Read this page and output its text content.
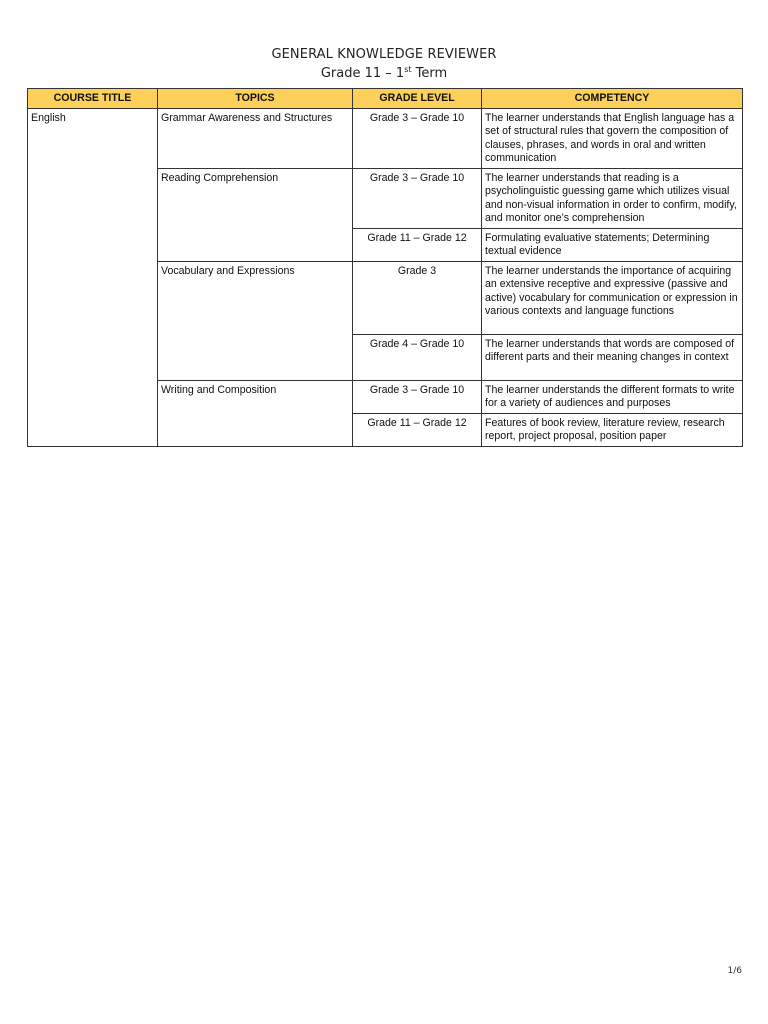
GENERAL KNOWLEDGE REVIEWER
Grade 11 – 1st Term
COURSE TITLE	TOPICS	GRADE LEVEL	COMPETENCY
English	Grammar Awareness and Structures	Grade 3 – Grade 10	The learner understands that English language has a set of structural rules that govern the composition of clauses, phrases, and words in oral and written communication
	Reading Comprehension	Grade 3 – Grade 10	The learner understands that reading is a psycholinguistic guessing game which utilizes visual and non-visual information in order to confirm, modify, and monitor one’s comprehension
		Grade 11 – Grade 12	Formulating evaluative statements; Determining textual evidence
	Vocabulary and Expressions	Grade 3	The learner understands the importance of acquiring an extensive receptive and expressive (passive and active) vocabulary for communication or expression in various contexts and language functions
		Grade 4 – Grade 10	The learner understands that words are composed of different parts and their meaning changes in context
	Writing and Composition	Grade 3 – Grade 10	The learner understands the different formats to write for a variety of audiences and purposes
		Grade 11 – Grade 12	Features of book review, literature review, research report, project proposal, position paper
1/6
